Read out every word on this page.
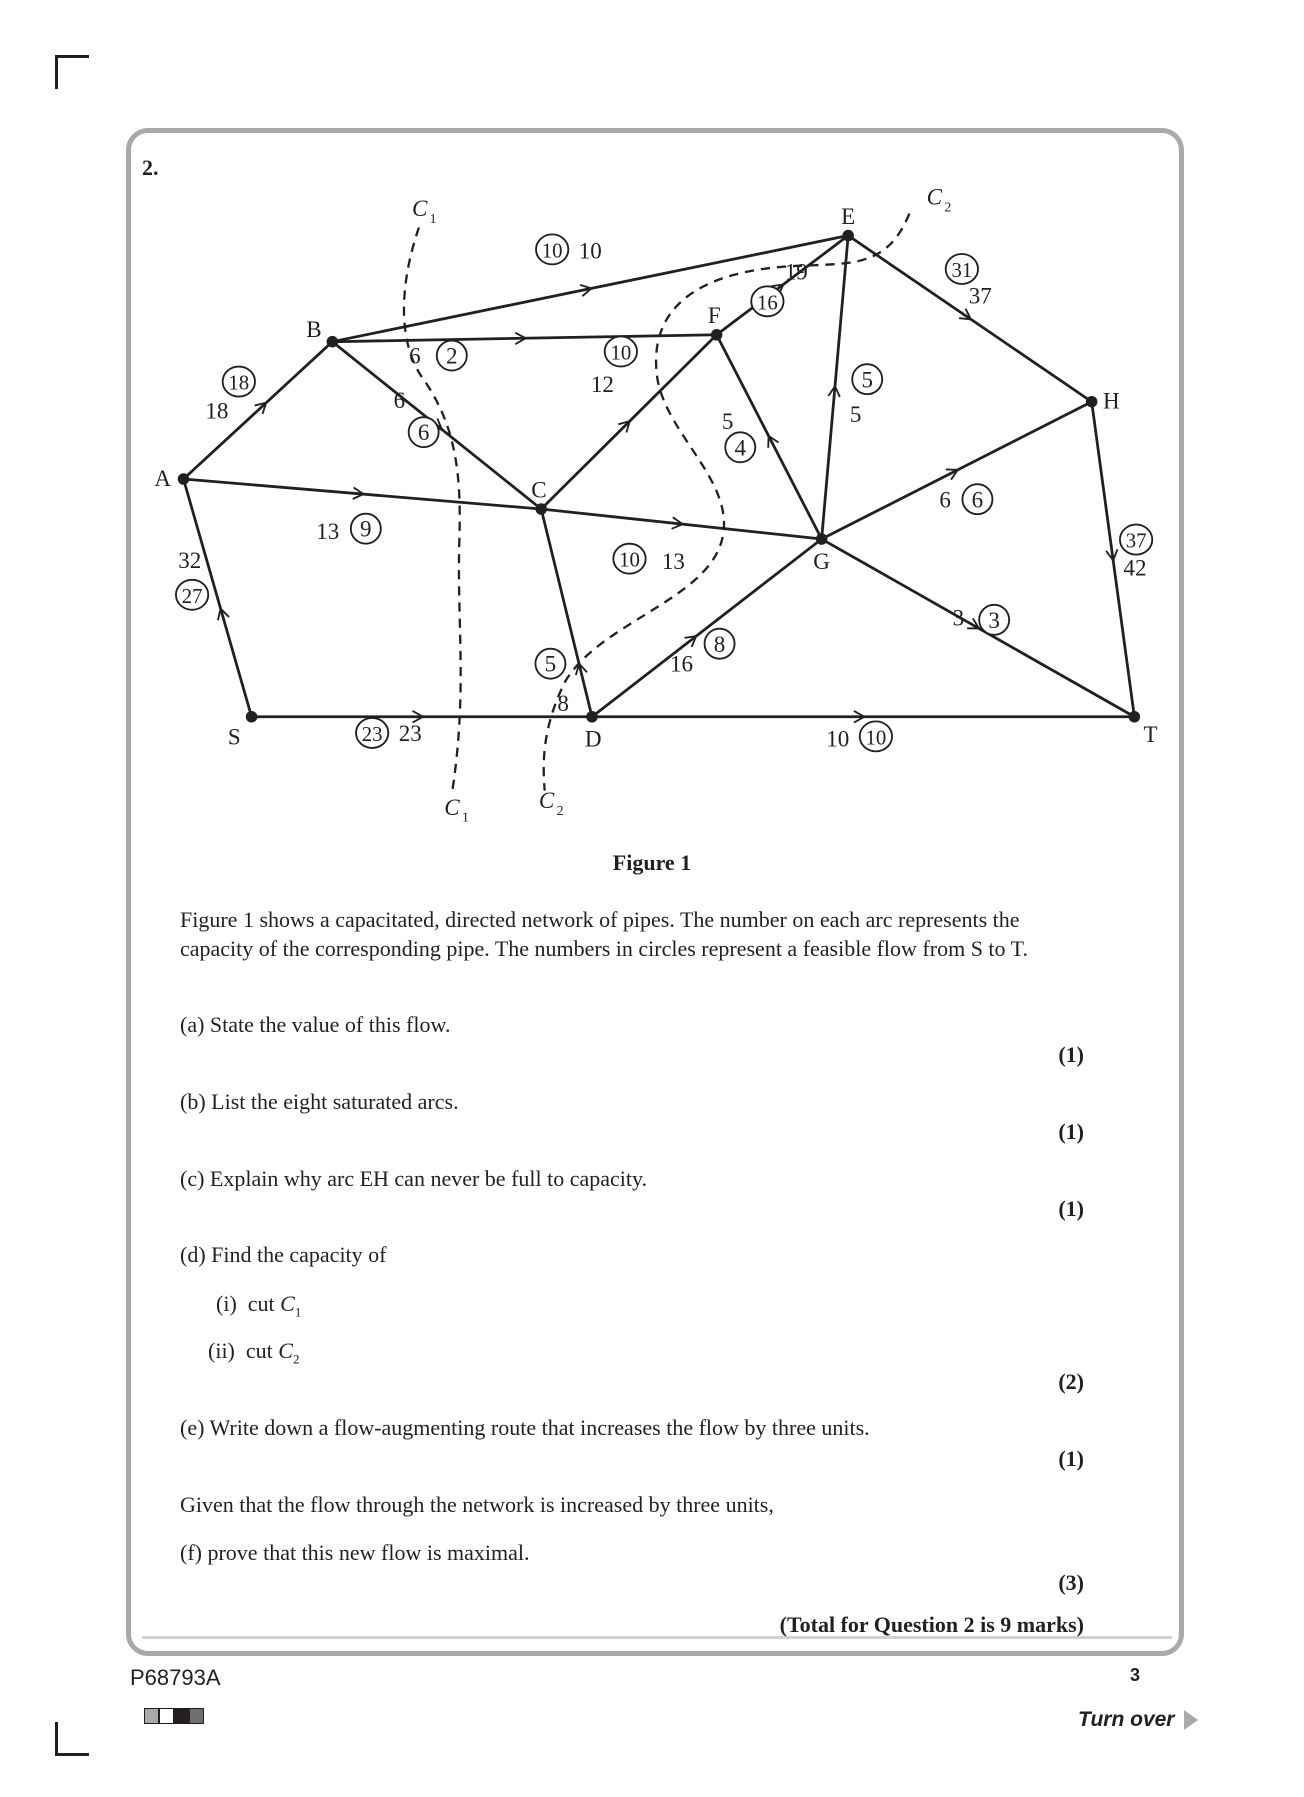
2.
C $_1$
C $_1$
C $_2$
C $_2$
32
27
23
23
18
18
13 9
10
10
6 2
6
6
12
10
13
10
8
5	16
8
10 10
19
16
5
4
5
5
37
31
6 6
3 3
42
37
S
A
B
C
D
E
F
G
H
T
Figure 1
Figure 1 shows a capacitated, directed network of pipes. The number on each arc represents the capacity of the corresponding pipe. The numbers in circles represent a feasible flow from S to T.
(a) State the value of this flow.
(1)
(b) List the eight saturated arcs.
(1)
(c) Explain why arc EH can never be full to capacity.
(1)
(d) Find the capacity of
(i) cut $C_1$
(ii) cut $C_2$
(2)
(e) Write down a flow-augmenting route that increases the flow by three units.
(1)
Given that the flow through the network is increased by three units,
(f) prove that this new flow is maximal.
(3)
(Total for Question 2 is 9 marks)
P68793A	3
Turn over
